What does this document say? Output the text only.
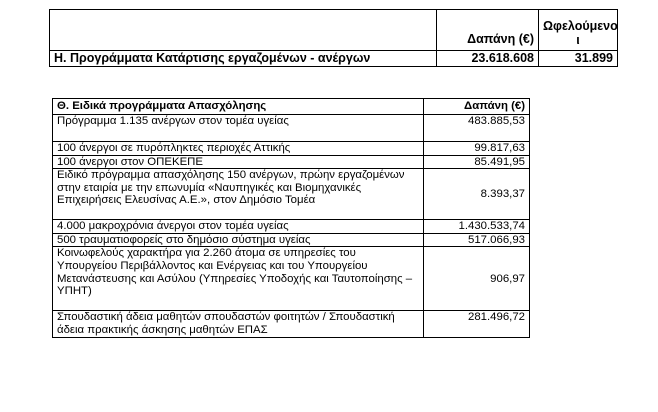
	Δαπάνη (€)	Ωφελούμενο
ι
Η. Προγράμματα Κατάρτισης εργαζομένων - ανέργων	23.618.608	31.899
Θ. Ειδικά προγράμματα Απασχόλησης	Δαπάνη (€)
Πρόγραμμα 1.135 ανέργων στον τομέα υγείας	483.885,53
100 άνεργοι σε πυρόπληκτες περιοχές Αττικής	99.817,63
100 άνεργοι στον ΟΠΕΚΕΠΕ	85.491,95
Ειδικό πρόγραμμα απασχόλησης 150 ανέργων, πρώην εργαζομένων στην εταιρία με την επωνυμία «Ναυπηγικές και Βιομηχανικές Επιχειρήσεις Ελευσίνας Α.Ε.», στον Δημόσιο Τομέα	8.393,37
4.000 μακροχρόνια άνεργοι στον τομέα υγείας	1.430.533,74
500 τραυματιοφορείς στο δημόσιο σύστημα υγείας	517.066,93
Κοινωφελούς χαρακτήρα για 2.260 άτομα σε υπηρεσίες του Υπουργείου Περιβάλλοντος και Ενέργειας και του Υπουργείου Μετανάστευσης και Ασύλου (Υπηρεσίες Υποδοχής και Ταυτοποίησης – ΥΠΗΤ)	906,97
Σπουδαστική άδεια μαθητών σπουδαστών φοιτητών / Σπουδαστική άδεια πρακτικής άσκησης μαθητών ΕΠΑΣ	281.496,72
